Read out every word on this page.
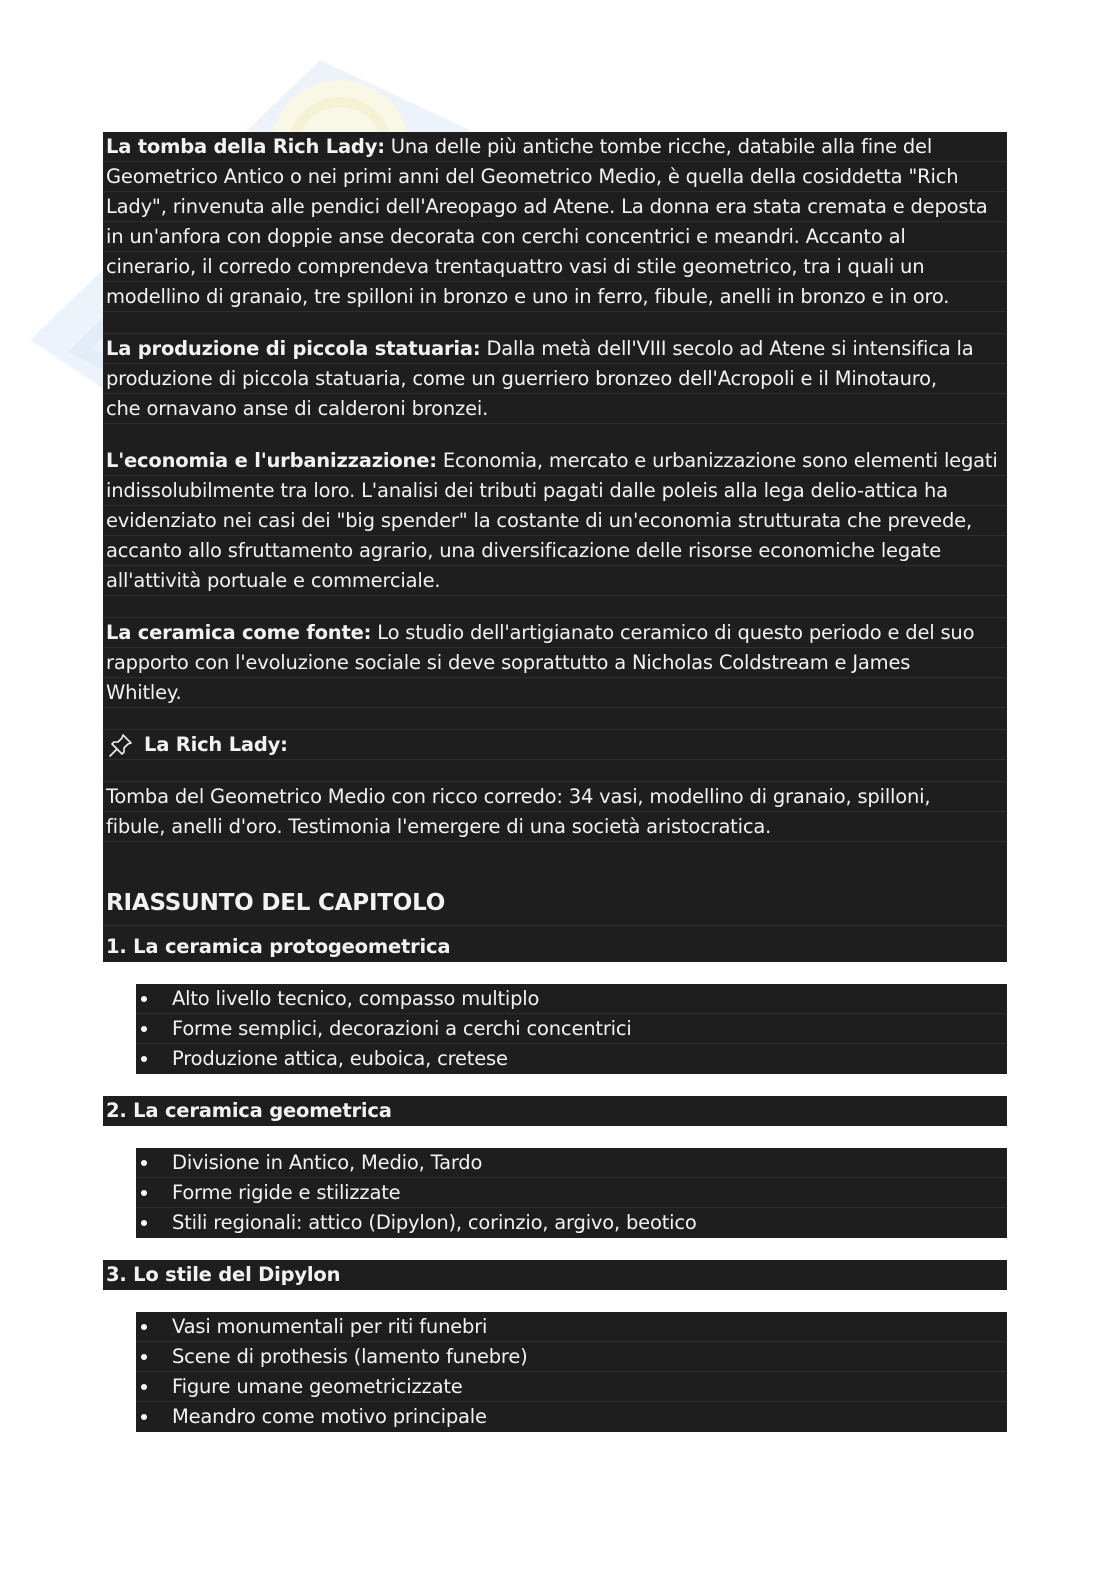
La tomba della Rich Lady: Una delle più antiche tombe ricche, databile alla fine del
Geometrico Antico o nei primi anni del Geometrico Medio, è quella della cosiddetta "Rich
Lady", rinvenuta alle pendici dell'Areopago ad Atene. La donna era stata cremata e deposta
in un'anfora con doppie anse decorata con cerchi concentrici e meandri. Accanto al
cinerario, il corredo comprendeva trentaquattro vasi di stile geometrico, tra i quali un
modellino di granaio, tre spilloni in bronzo e uno in ferro, fibule, anelli in bronzo e in oro.
La produzione di piccola statuaria: Dalla metà dell'VIII secolo ad Atene si intensifica la
produzione di piccola statuaria, come un guerriero bronzeo dell'Acropoli e il Minotauro,
che ornavano anse di calderoni bronzei.
L'economia e l'urbanizzazione: Economia, mercato e urbanizzazione sono elementi legati
indissolubilmente tra loro. L'analisi dei tributi pagati dalle poleis alla lega delio-attica ha
evidenziato nei casi dei "big spender" la costante di un'economia strutturata che prevede,
accanto allo sfruttamento agrario, una diversificazione delle risorse economiche legate
all'attività portuale e commerciale.
La ceramica come fonte: Lo studio dell'artigianato ceramico di questo periodo e del suo
rapporto con l'evoluzione sociale si deve soprattutto a Nicholas Coldstream e James
Whitley.
La Rich Lady:
Tomba del Geometrico Medio con ricco corredo: 34 vasi, modellino di granaio, spilloni,
fibule, anelli d'oro. Testimonia l'emergere di una società aristocratica.
RIASSUNTO DEL CAPITOLO
1. La ceramica protogeometrica
Alto livello tecnico, compasso multiplo
Forme semplici, decorazioni a cerchi concentrici
Produzione attica, euboica, cretese
2. La ceramica geometrica
Divisione in Antico, Medio, Tardo
Forme rigide e stilizzate
Stili regionali: attico (Dipylon), corinzio, argivo, beotico
3. Lo stile del Dipylon
Vasi monumentali per riti funebri
Scene di prothesis (lamento funebre)
Figure umane geometricizzate
Meandro come motivo principale
